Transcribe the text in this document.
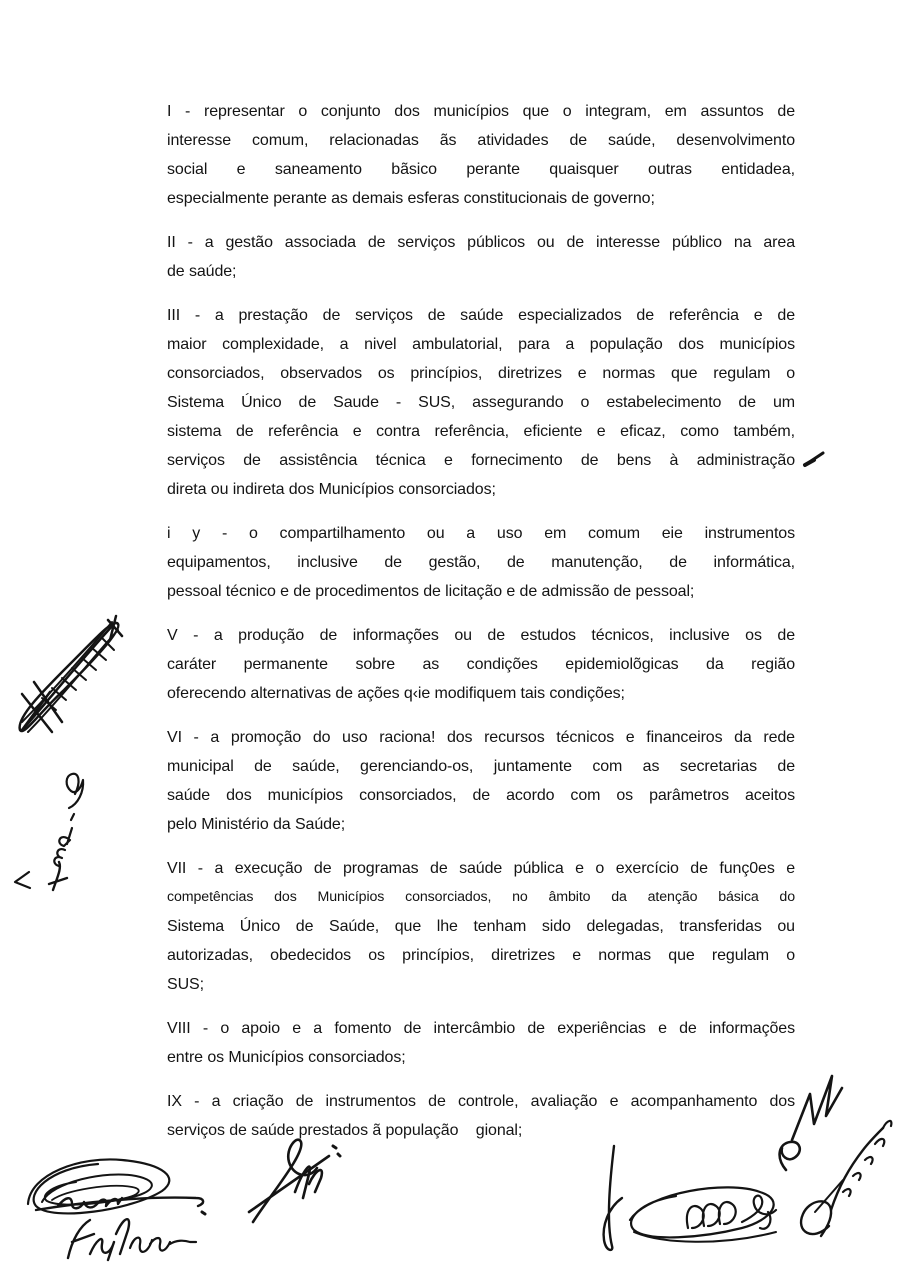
I - representar o conjunto dos municípios que o integram, em assuntos de
interesse comum, relacionadas ãs atividades de saúde, desenvolvimento
social e saneamento bãsico perante quaisquer outras entidadea,
especialmente perante as demais esferas constitucionais de governo;

II - a gestão associada de serviços públicos ou de interesse público na area
de saúde;

III - a prestação de serviços de saúde especializados de referência e de
maior complexidade, a nivel ambulatorial, para a população dos municípios
consorciados, observados os princípios, diretrizes e normas que regulam o
Sistema Único de Saude - SUS, assegurando o estabelecimento de um
sistema de referência e contra referência, eficiente e eficaz, como também,
serviços de assistência técnica e fornecimento de bens à administração
direta ou indireta dos Municípios consorciados;

i y - o compartilhamento ou a uso em comum eie instrumentos
equipamentos, inclusive de gestão, de manutenção, de informática,
pessoal técnico e de procedimentos de licitação e de admissão de pessoal;

V - a produção de informações ou de estudos técnicos, inclusive os de
caráter permanente sobre as condições epidemiolõgicas da região
oferecendo alternativas de ações q‹ie modifiquem tais condições;

VI - a promoção do uso raciona! dos recursos técnicos e financeiros da rede
municipal de saúde, gerenciando-os, juntamente com as secretarias de
saúde dos municípios consorciados, de acordo com os parâmetros aceitos
pelo Ministério da Saúde;

VII - a execução de programas de saúde pública e o exercício de funç0es e
competências dos Municípios consorciados, no âmbito da atenção básica do
Sistema Único de Saúde, que lhe tenham sido delegadas, transferidas ou
autorizadas, obedecidos os princípios, diretrizes e normas que regulam o
SUS;

VIII - o apoio e a fomento de intercâmbio de experiências e de informações
entre os Municípios consorciados;

IX - a criação de instrumentos de controle, avaliação e acompanhamento dos
serviços de saúde prestados ã população    gional;
